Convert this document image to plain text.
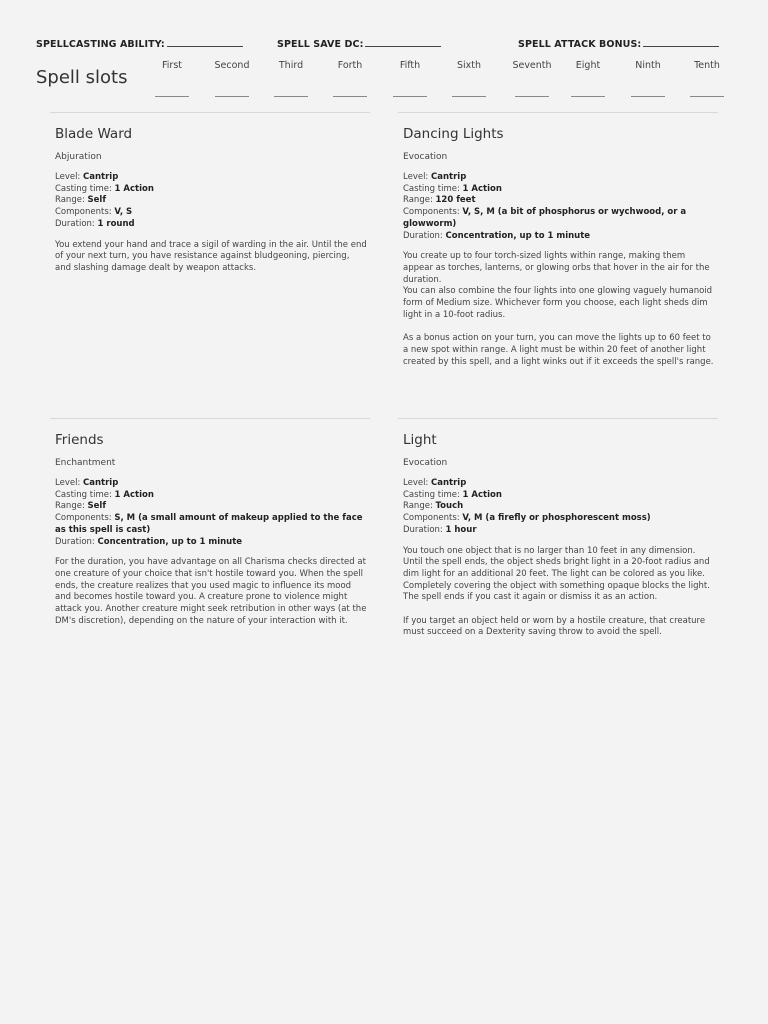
SPELLCASTING ABILITY:	SPELL SAVE DC:	SPELL ATTACK BONUS:
Spell slots
First	Second	Third	Forth	Fifth	Sixth	Seventh	Eight	Ninth	Tenth
Blade Ward
Abjuration
Level: Cantrip
Casting time: 1 Action
Range: Self
Components: V, S
Duration: 1 round

You extend your hand and trace a sigil of warding in the air. Until the end of your next turn, you have resistance against bludgeoning, piercing, and slashing damage dealt by weapon attacks.

Dancing Lights
Evocation
Level: Cantrip
Casting time: 1 Action
Range: 120 feet
Components: V, S, M (a bit of phosphorus or wychwood, or a glowworm)
Duration: Concentration, up to 1 minute

You create up to four torch-sized lights within range, making them appear as torches, lanterns, or glowing orbs that hover in the air for the duration.

You can also combine the four lights into one glowing vaguely humanoid form of Medium size. Whichever form you choose, each light sheds dim light in a 10-foot radius.

As a bonus action on your turn, you can move the lights up to 60 feet to a new spot within range. A light must be within 20 feet of another light created by this spell, and a light winks out if it exceeds the spell's range.

Friends
Enchantment
Level: Cantrip
Casting time: 1 Action
Range: Self
Components: S, M (a small amount of makeup applied to the face as this spell is cast)
Duration: Concentration, up to 1 minute

For the duration, you have advantage on all Charisma checks directed at one creature of your choice that isn't hostile toward you. When the spell ends, the creature realizes that you used magic to influence its mood and becomes hostile toward you. A creature prone to violence might attack you. Another creature might seek retribution in other ways (at the DM's discretion), depending on the nature of your interaction with it.

Light
Evocation
Level: Cantrip
Casting time: 1 Action
Range: Touch
Components: V, M (a firefly or phosphorescent moss)
Duration: 1 hour

You touch one object that is no larger than 10 feet in any dimension. Until the spell ends, the object sheds bright light in a 20-foot radius and dim light for an additional 20 feet. The light can be colored as you like. Completely covering the object with something opaque blocks the light. The spell ends if you cast it again or dismiss it as an action.

If you target an object held or worn by a hostile creature, that creature must succeed on a Dexterity saving throw to avoid the spell.
